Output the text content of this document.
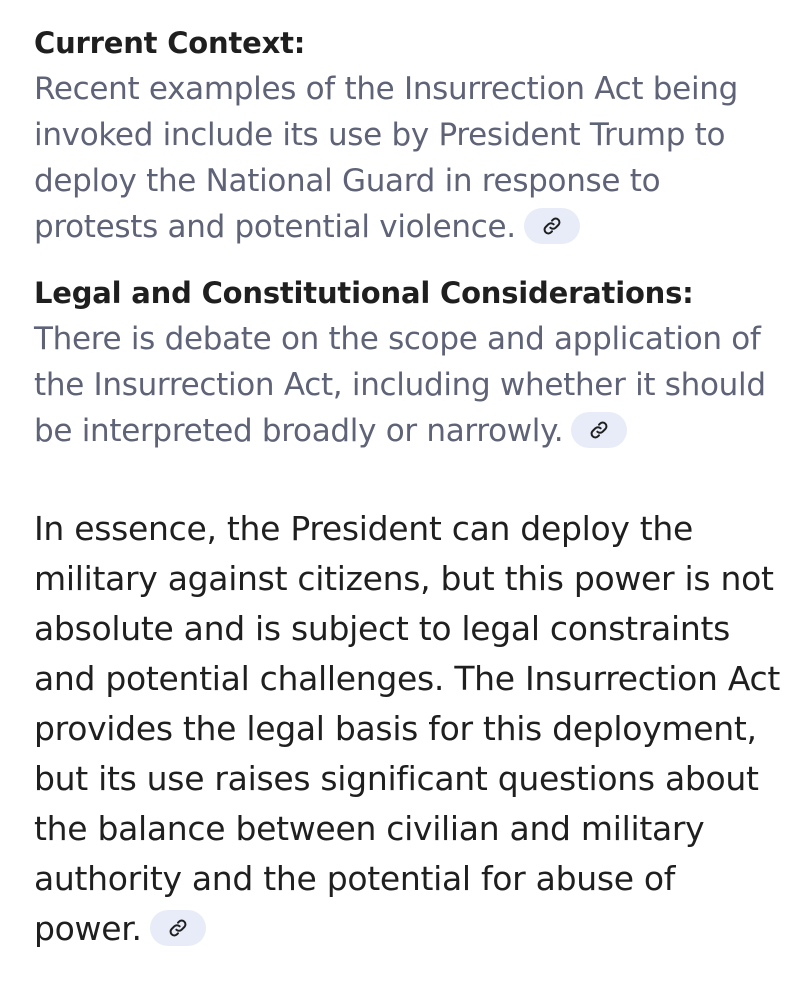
Current Context:

Recent examples of the Insurrection Act being invoked include its use by President Trump to deploy the National Guard in response to protests and potential violence.

Legal and Constitutional Considerations:

There is debate on the scope and application of the Insurrection Act, including whether it should be interpreted broadly or narrowly.

In essence, the President can deploy the military against citizens, but this power is not absolute and is subject to legal constraints and potential challenges. The Insurrection Act provides the legal basis for this deployment, but its use raises significant questions about the balance between civilian and military authority and the potential for abuse of power.
